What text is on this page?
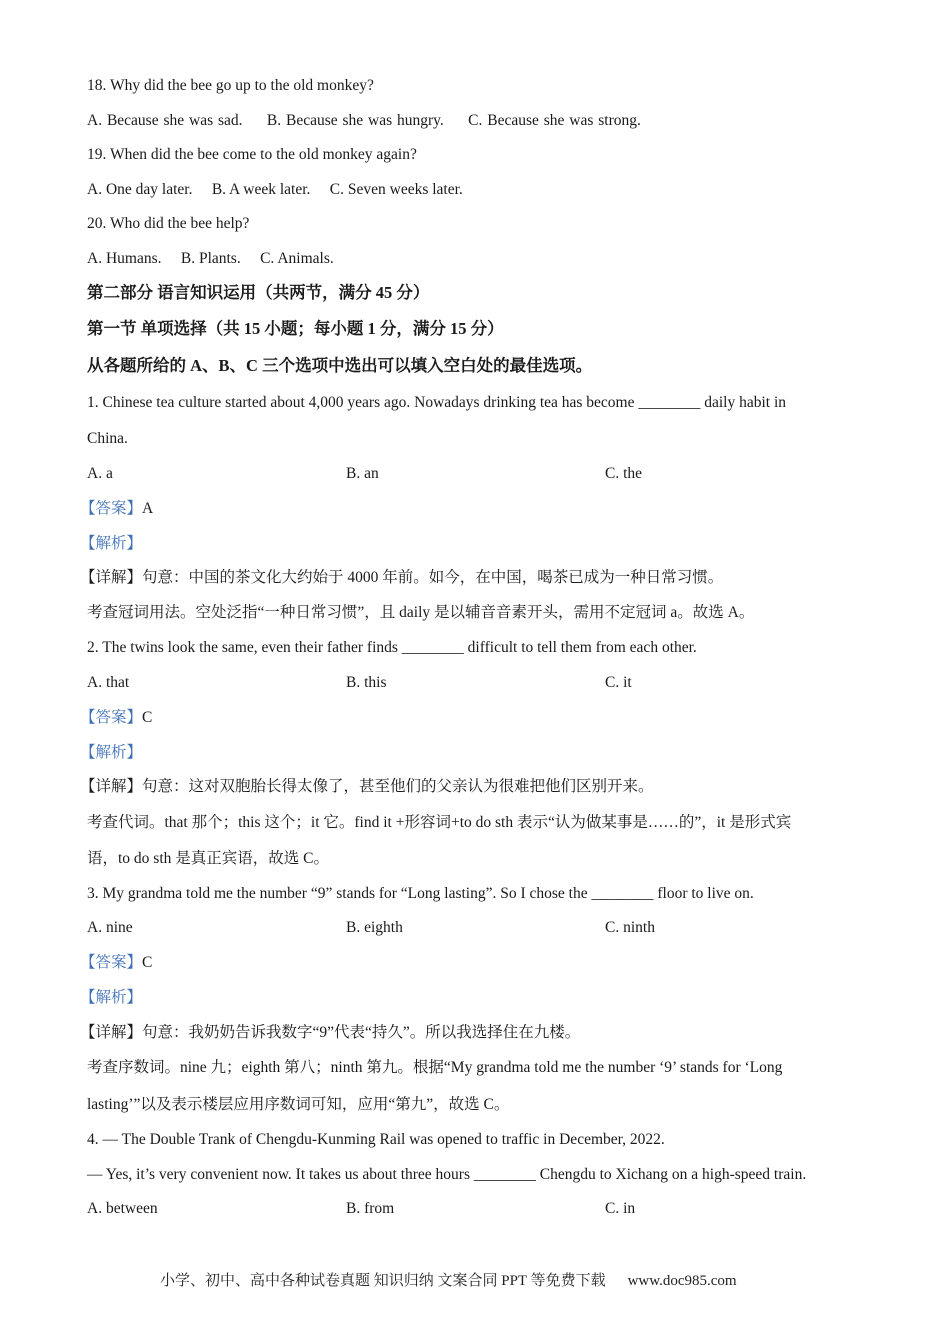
18. Why did the bee go up to the old monkey?
A. Because she was sad.     B. Because she was hungry.     C. Because she was strong.
19. When did the bee come to the old monkey again?
A. One day later.     B. A week later.     C. Seven weeks later.
20. Who did the bee help?
A. Humans.     B. Plants.     C. Animals.
第二部分 语言知识运用（共两节，满分 45 分）
第一节 单项选择（共 15 小题；每小题 1 分，满分 15 分）
从各题所给的 A、B、C 三个选项中选出可以填入空白处的最佳选项。
1. Chinese tea culture started about 4,000 years ago. Nowadays drinking tea has become ________ daily habit in
China.
A. a	B. an	C. the
【答案】A
【解析】
【详解】句意：中国的茶文化大约始于 4000 年前。如今，在中国，喝茶已成为一种日常习惯。
考查冠词用法。空处泛指“一种日常习惯”，且 daily 是以辅音音素开头，需用不定冠词 a。故选 A。
2. The twins look the same, even their father finds ________ difficult to tell them from each other.
A. that	B. this	C. it
【答案】C
【解析】
【详解】句意：这对双胞胎长得太像了，甚至他们的父亲认为很难把他们区别开来。
考查代词。that 那个；this 这个；it 它。find it +形容词+to do sth 表示“认为做某事是……的”，it 是形式宾
语，to do sth 是真正宾语，故选 C。
3. My grandma told me the number “9” stands for “Long lasting”. So I chose the ________ floor to live on.
A. nine	B. eighth	C. ninth
【答案】C
【解析】
【详解】句意：我奶奶告诉我数字“9”代表“持久”。所以我选择住在九楼。
考查序数词。nine 九；eighth 第八；ninth 第九。根据“My grandma told me the number ‘9’ stands for ‘Long
lasting’”以及表示楼层应用序数词可知，应用“第九”，故选 C。
4. — The Double Trank of Chengdu-Kunming Rail was opened to traffic in December, 2022.
— Yes, it’s very convenient now. It takes us about three hours ________ Chengdu to Xichang on a high-speed train.
A. between	B. from	C. in
小学、初中、高中各种试卷真题 知识归纳 文案合同 PPT 等免费下载 www.doc985.com
